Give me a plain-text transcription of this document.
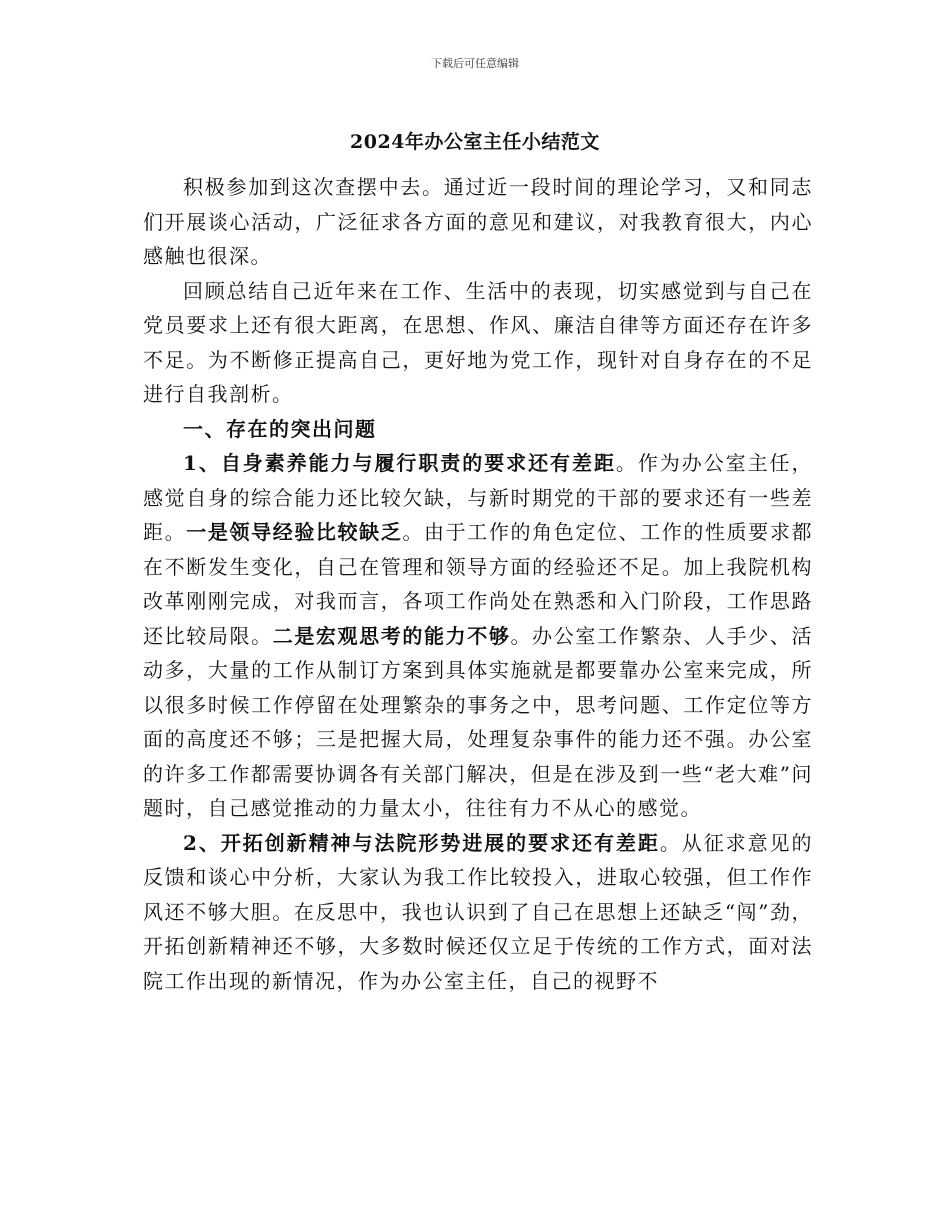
下载后可任意编辑
2024年办公室主任小结范文

积极参加到这次查摆中去。通过近一段时间的理论学习，又和同志们开展谈心活动，广泛征求各方面的意见和建议，对我教育很大，内心感触也很深。

回顾总结自己近年来在工作、生活中的表现，切实感觉到与自己在党员要求上还有很大距离，在思想、作风、廉洁自律等方面还存在许多不足。为不断修正提高自己，更好地为党工作，现针对自身存在的不足进行自我剖析。

一、存在的突出问题

1、自身素养能力与履行职责的要求还有差距。作为办公室主任，感觉自身的综合能力还比较欠缺，与新时期党的干部的要求还有一些差距。一是领导经验比较缺乏。由于工作的角色定位、工作的性质要求都在不断发生变化，自己在管理和领导方面的经验还不足。加上我院机构改革刚刚完成，对我而言，各项工作尚处在熟悉和入门阶段，工作思路还比较局限。二是宏观思考的能力不够。办公室工作繁杂、人手少、活动多，大量的工作从制订方案到具体实施就是都要靠办公室来完成，所以很多时候工作停留在处理繁杂的事务之中，思考问题、工作定位等方面的高度还不够；三是把握大局，处理复杂事件的能力还不强。办公室的许多工作都需要协调各有关部门解决，但是在涉及到一些“老大难”问题时，自己感觉推动的力量太小，往往有力不从心的感觉。

2、开拓创新精神与法院形势进展的要求还有差距。从征求意见的反馈和谈心中分析，大家认为我工作比较投入，进取心较强，但工作作风还不够大胆。在反思中，我也认识到了自己在思想上还缺乏“闯”劲，开拓创新精神还不够，大多数时候还仅立足于传统的工作方式，面对法院工作出现的新情况，作为办公室主任，自己的视野不
